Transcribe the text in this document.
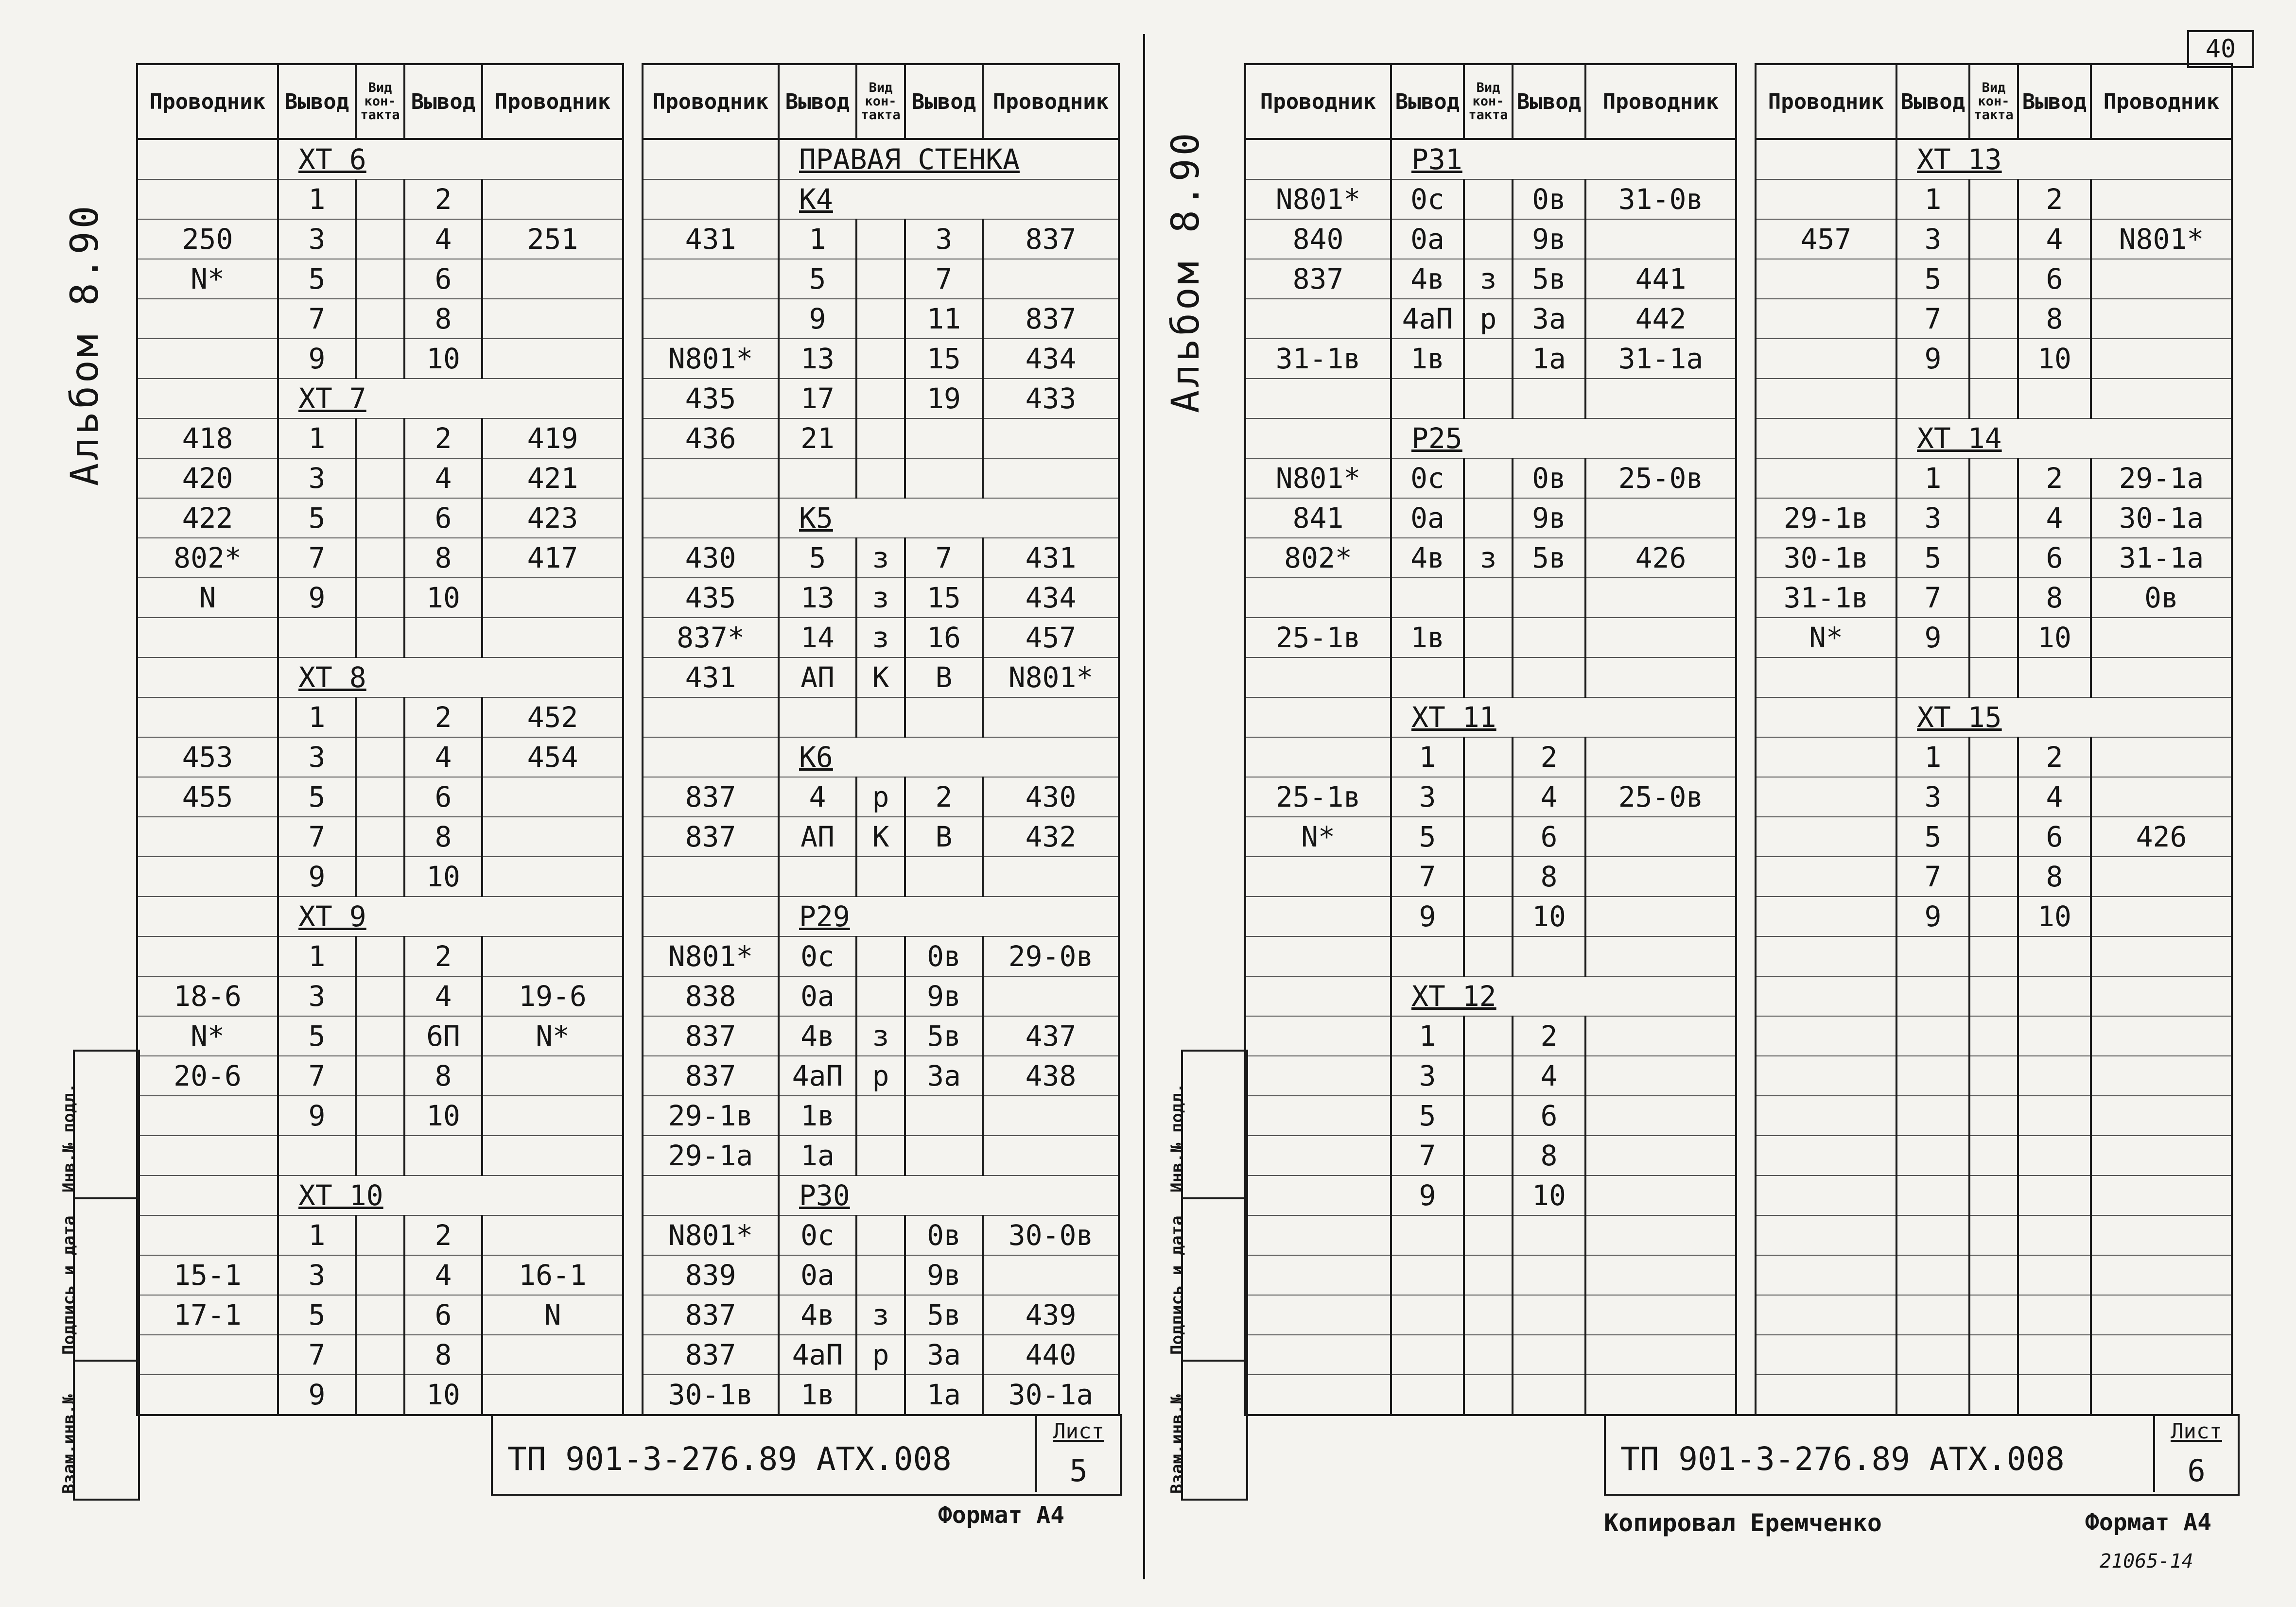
40
Альбом 8.90
Проводник	Вывод	Вид кон-такта	Вывод	Проводник
	XT 6			
	1		2	
250	3		4	251
N*	5		6	
	7		8	
	9		10	
	XT 7			
418	1		2	419
420	3		4	421
422	5		6	423
802*	7		8	417
N	9		10	

	XT 8			
	1		2	452
453	3		4	454
455	5		6	
	7		8	
	9		10	
	XT 9			
	1		2	
18-6	3		4	19-6
N*	5		6П	N*
20-6	7		8	
	9		10	

	XT 10			
	1		2	
15-1	3		4	16-1
17-1	5		6	N
	7		8	
	9		10	
Проводник	Вывод	Вид кон-такта	Вывод	Проводник
	ПРАВАЯ СТЕНКА			
	К4			
431	1		3	837
	5		7	
	9		11	837
N801*	13		15	434
435	17		19	433
436	21			

	К5			
430	5	з	7	431
435	13	з	15	434
837*	14	з	16	457
431	АП	К	В	N801*

	К6			
837	4	р	2	430
837	АП	К	В	432

	Р29			
N801*	0с		0в	29-0в
838	0а		9в	
837	4в	з	5в	437
837	4аП	р	3а	438
29-1в	1в			
29-1а	1а			
	Р30			
N801*	0с		0в	30-0в
839	0а		9в	
837	4в	з	5в	439
837	4аП	р	3а	440
30-1в	1в		1а	30-1а
Инв.№ подл.
Подпись и дата
Взам.инв.№	ТП 901-3-276.89 АТХ.008
Лист
5
Формат А4
Альбом 8.90
Проводник	Вывод	Вид кон-такта	Вывод	Проводник
	Р31			
N801*	0с		0в	31-0в
840	0а		9в	
837	4в	з	5в	441
	4аП	р	3а	442
31-1в	1в		1а	31-1а

	Р25			
N801*	0с		0в	25-0в
841	0а		9в	
802*	4в	з	5в	426

25-1в	1в			

	XT 11			
	1		2	
25-1в	3		4	25-0в
N*	5		6	
	7		8	
	9		10	

	XT 12			
	1		2	
	3		4	
	5		6	
	7		8	
	9		10	

Проводник	Вывод	Вид кон-такта	Вывод	Проводник
	XT 13			
	1		2	
457	3		4	N801*
	5		6	
	7		8	
	9		10	

	XT 14			
	1		2	29-1а
29-1в	3		4	30-1а
30-1в	5		6	31-1а
31-1в	7		8	0в
N*	9		10	

	XT 15			
	1		2	
	3		4	
	5		6	426
	7		8	
	9		10	

Инв.№ подл.
Подпись и дата
Взам.инв.№	ТП 901-3-276.89 АТХ.008
Лист
6
Копировал Еремченко	Формат А4
21065-14
